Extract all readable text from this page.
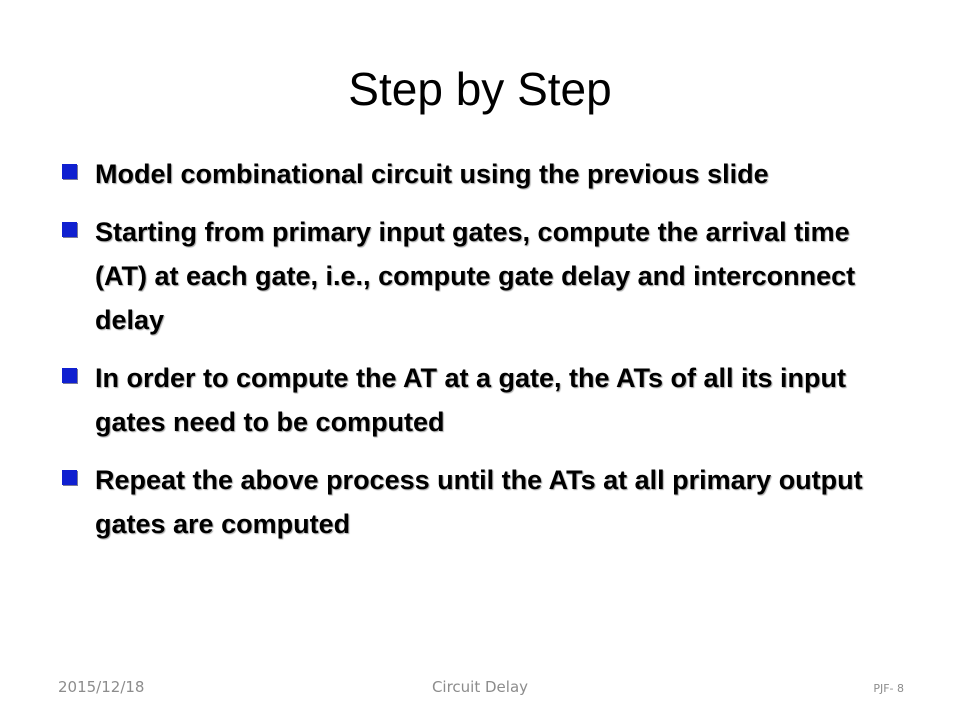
Step by Step
Model combinational circuit using the previous slide
Starting from primary input gates, compute the arrival time (AT) at each gate, i.e., compute gate delay and interconnect delay
In order to compute the AT at a gate, the ATs of all its input gates need to be computed
Repeat the above process until the ATs at all primary output gates are computed
2015/12/18	Circuit Delay	PJF- 8
